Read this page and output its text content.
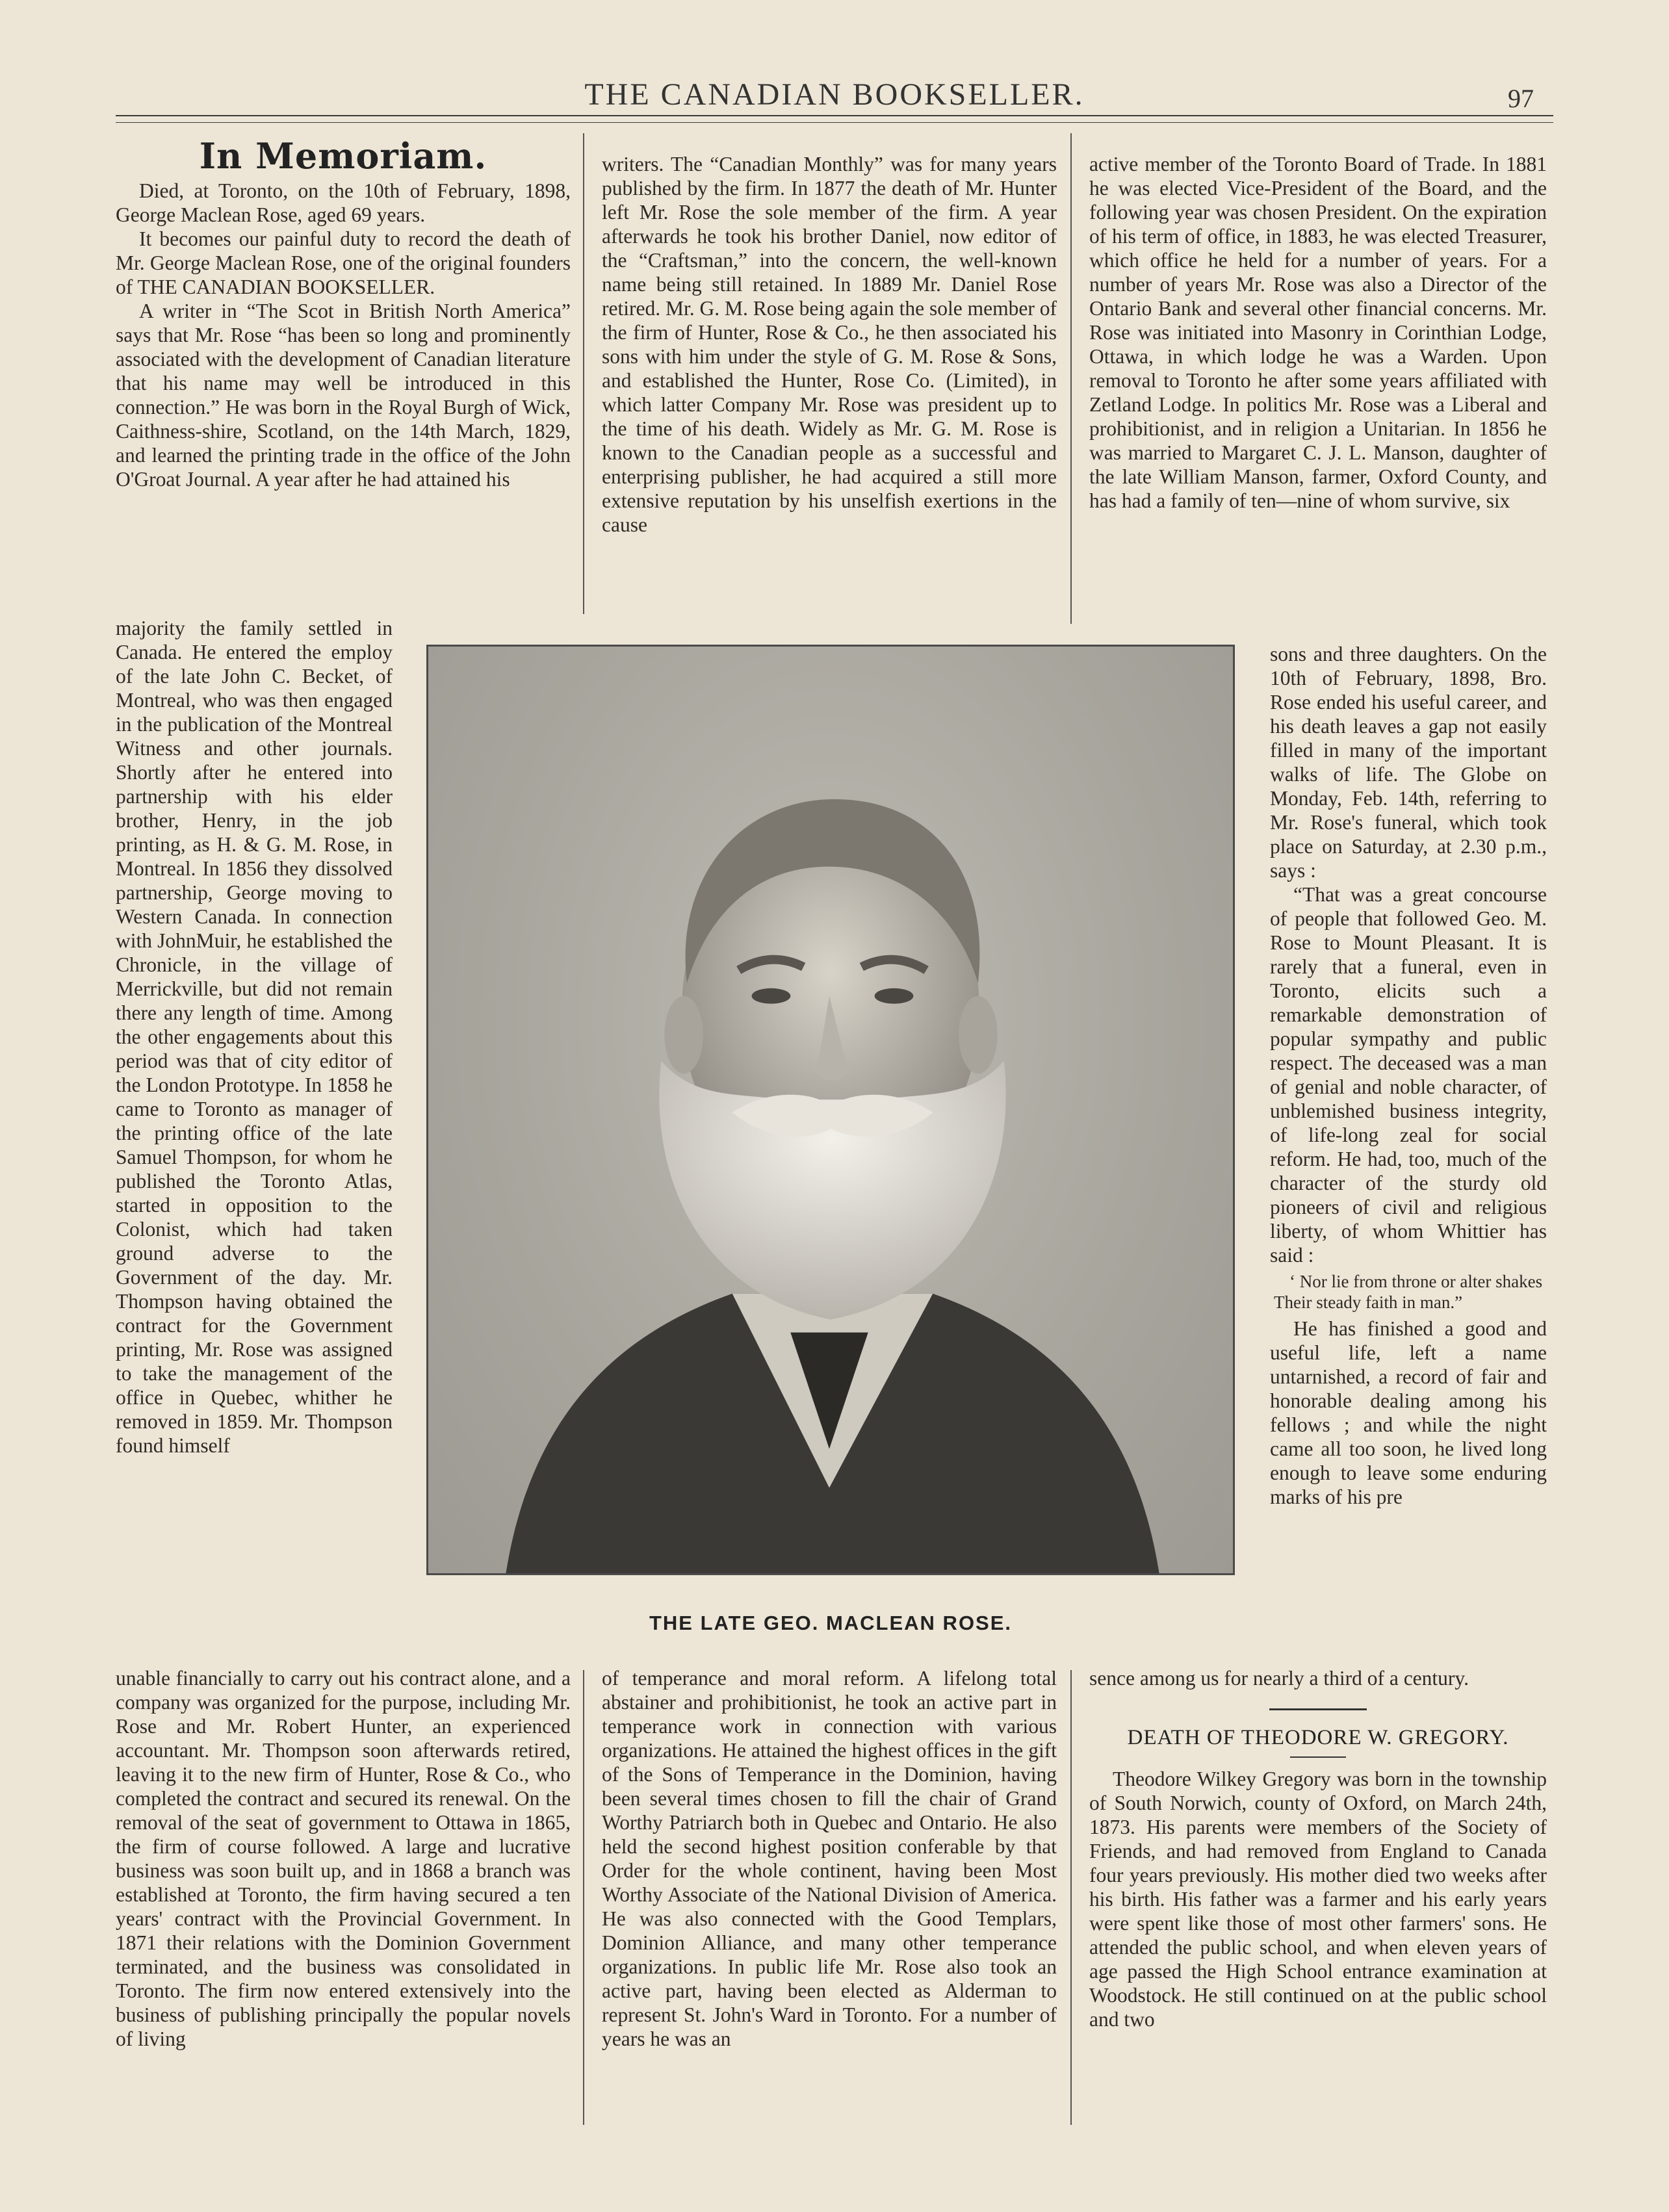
THE CANADIAN BOOKSELLER.	97
In Memoriam.

Died, at Toronto, on the 10th of February, 1898, George Maclean Rose, aged 69 years.

It becomes our painful duty to record the death of Mr. George Maclean Rose, one of the original founders of THE CANADIAN BOOKSELLER.

A writer in “The Scot in British North America” says that Mr. Rose “has been so long and prominently associated with the development of Canadian literature that his name may well be introduced in this connection.” He was born in the Royal Burgh of Wick, Caithness-shire, Scotland, on the 14th March, 1829, and learned the printing trade in the office of the John O'Groat Journal. A year after he had attained his

majority the family settled in Canada. He entered the employ of the late John C. Becket, of Montreal, who was then engaged in the publication of the Montreal Witness and other journals. Shortly after he entered into partnership with his elder brother, Henry, in the job printing, as H. & G. M. Rose, in Montreal. In 1856 they dissolved partnership, George moving to Western Canada. In connection with JohnMuir, he established the Chronicle, in the village of Merrickville, but did not remain there any length of time. Among the other engagements about this period was that of city editor of the London Prototype. In 1858 he came to Toronto as manager of the printing office of the late Samuel Thompson, for whom he published the Toronto Atlas, started in opposition to the Colonist, which had taken ground adverse to the Government of the day. Mr. Thompson having obtained the contract for the Government printing, Mr. Rose was assigned to take the management of the office in Quebec, whither he removed in 1859. Mr. Thompson found himself

unable financially to carry out his contract alone, and a company was organized for the purpose, including Mr. Rose and Mr. Robert Hunter, an experienced accountant. Mr. Thompson soon afterwards retired, leaving it to the new firm of Hunter, Rose & Co., who completed the contract and secured its renewal. On the removal of the seat of government to Ottawa in 1865, the firm of course followed. A large and lucrative business was soon built up, and in 1868 a branch was established at Toronto, the firm having secured a ten years' contract with the Provincial Government. In 1871 their relations with the Dominion Government terminated, and the business was consolidated in Toronto. The firm now entered extensively into the business of publishing principally the popular novels of living

writers. The “Canadian Monthly” was for many years published by the firm. In 1877 the death of Mr. Hunter left Mr. Rose the sole member of the firm. A year afterwards he took his brother Daniel, now editor of the “Craftsman,” into the concern, the well-known name being still retained. In 1889 Mr. Daniel Rose retired. Mr. G. M. Rose being again the sole member of the firm of Hunter, Rose & Co., he then associated his sons with him under the style of G. M. Rose & Sons, and established the Hunter, Rose Co. (Limited), in which latter Company Mr. Rose was president up to the time of his death. Widely as Mr. G. M. Rose is known to the Canadian people as a successful and enterprising publisher, he had acquired a still more extensive reputation by his unselfish exertions in the cause

of temperance and moral reform. A lifelong total abstainer and prohibitionist, he took an active part in temperance work in connection with various organizations. He attained the highest offices in the gift of the Sons of Temperance in the Dominion, having been several times chosen to fill the chair of Grand Worthy Patriarch both in Quebec and Ontario. He also held the second highest position conferable by that Order for the whole continent, having been Most Worthy Associate of the National Division of America. He was also connected with the Good Templars, Dominion Alliance, and many other temperance organizations. In public life Mr. Rose also took an active part, having been elected as Alderman to represent St. John's Ward in Toronto. For a number of years he was an

active member of the Toronto Board of Trade. In 1881 he was elected Vice-President of the Board, and the following year was chosen President. On the expiration of his term of office, in 1883, he was elected Treasurer, which office he held for a number of years. For a number of years Mr. Rose was also a Director of the Ontario Bank and several other financial concerns. Mr. Rose was initiated into Masonry in Corinthian Lodge, Ottawa, in which lodge he was a Warden. Upon removal to Toronto he after some years affiliated with Zetland Lodge. In politics Mr. Rose was a Liberal and prohibitionist, and in religion a Unitarian. In 1856 he was married to Margaret C. J. L. Manson, daughter of the late William Manson, farmer, Oxford County, and has had a family of ten—nine of whom survive, six

sons and three daughters. On the 10th of February, 1898, Bro. Rose ended his useful career, and his death leaves a gap not easily filled in many of the important walks of life. The Globe on Monday, Feb. 14th, referring to Mr. Rose's funeral, which took place on Saturday, at 2.30 p.m., says :

“That was a great concourse of people that followed Geo. M. Rose to Mount Pleasant. It is rarely that a funeral, even in Toronto, elicits such a remarkable demonstration of popular sympathy and public respect. The deceased was a man of genial and noble character, of unblemished business integrity, of life-long zeal for social reform. He had, too, much of the character of the sturdy old pioneers of civil and religious liberty, of whom Whittier has said :

‘ Nor lie from throne or alter shakes
Their steady faith in man.”

He has finished a good and useful life, left a name untarnished, a record of fair and honorable dealing among his fellows ; and while the night came all too soon, he lived long enough to leave some enduring marks of his pre

sence among us for nearly a third of a century.

DEATH OF THEODORE W. GREGORY.

Theodore Wilkey Gregory was born in the township of South Norwich, county of Oxford, on March 24th, 1873. His parents were members of the Society of Friends, and had removed from England to Canada four years previously. His mother died two weeks after his birth. His father was a farmer and his early years were spent like those of most other farmers' sons. He attended the public school, and when eleven years of age passed the High School entrance examination at Woodstock. He still continued on at the public school and two

THE LATE GEO. MACLEAN ROSE.
